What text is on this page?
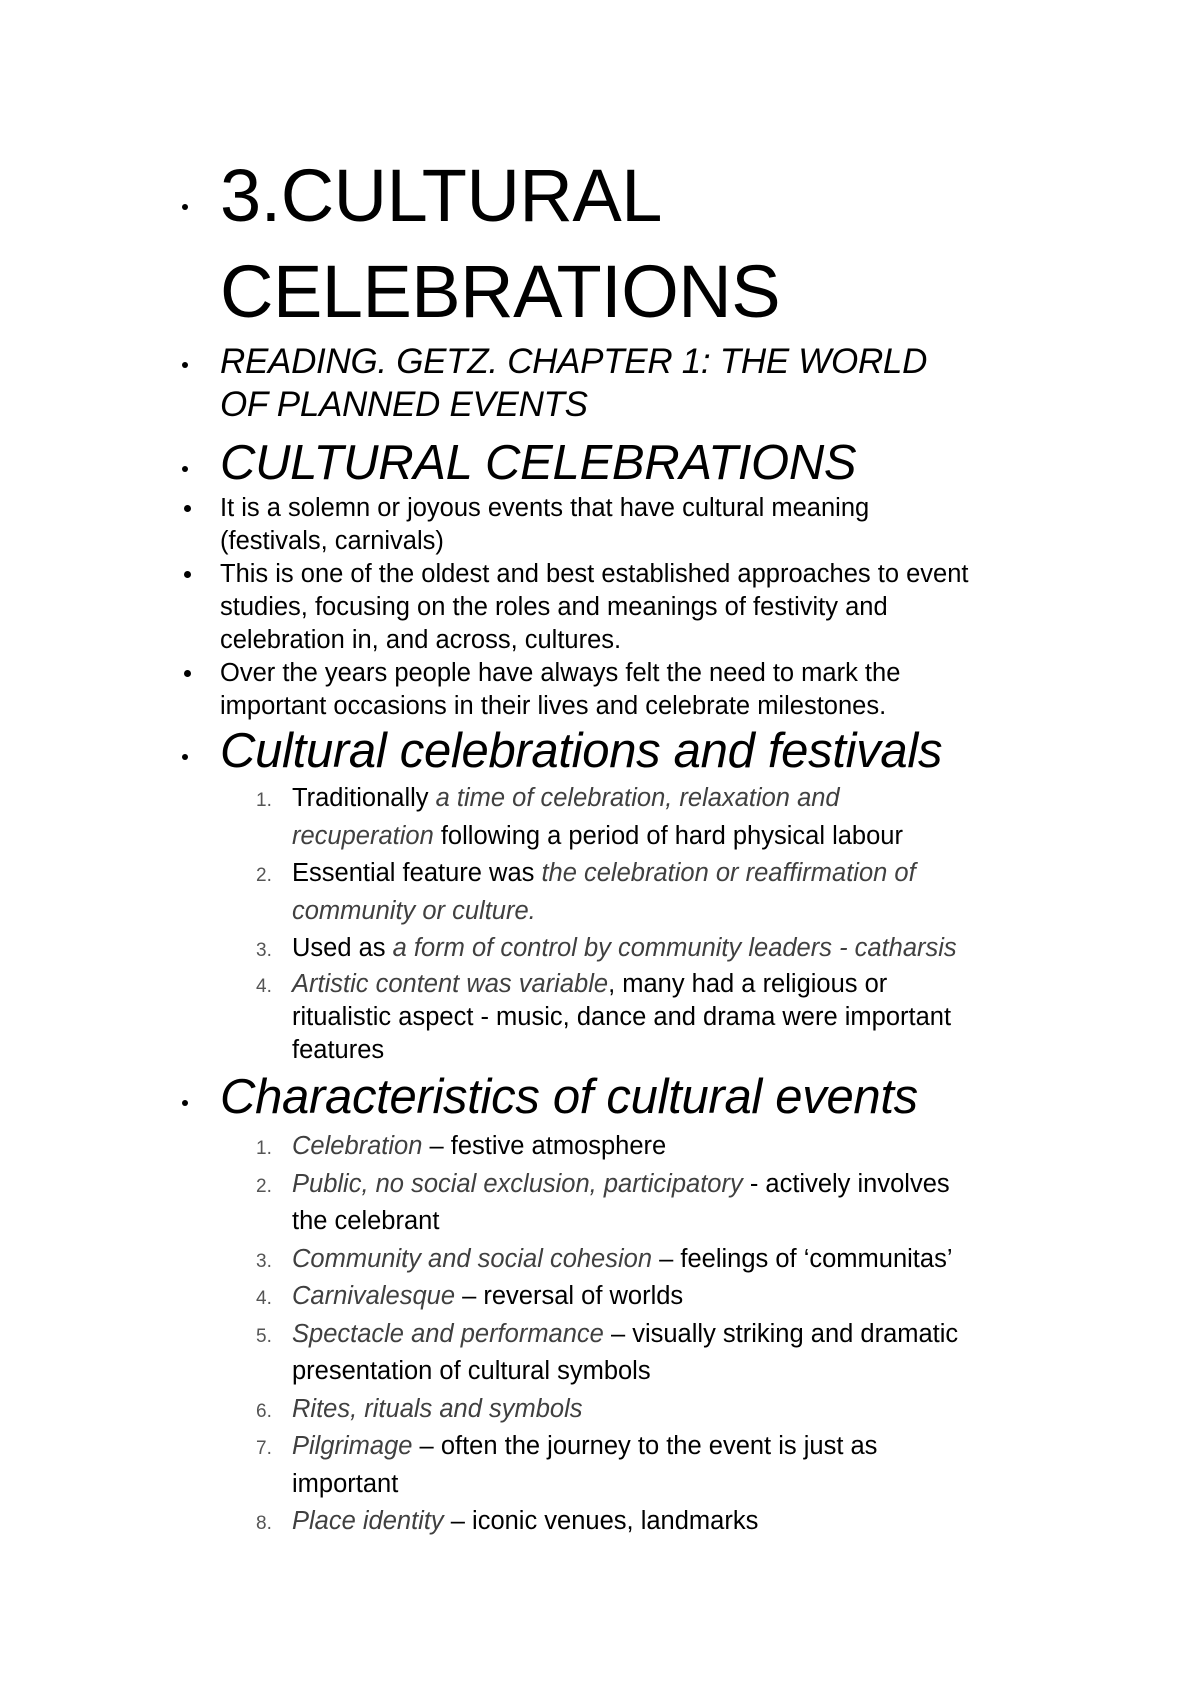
3.CULTURAL
CELEBRATIONS
READING. GETZ. CHAPTER 1: THE WORLD
OF PLANNED EVENTS
CULTURAL CELEBRATIONS
It is a solemn or joyous events that have cultural meaning
(festivals, carnivals)
This is one of the oldest and best established approaches to event
studies, focusing on the roles and meanings of festivity and
celebration in, and across, cultures.
Over the years people have always felt the need to mark the
important occasions in their lives and celebrate milestones.
Cultural celebrations and festivals
1. Traditionally a time of celebration, relaxation and
recuperation following a period of hard physical labour
2. Essential feature was the celebration or reaffirmation of
community or culture.
3. Used as a form of control by community leaders - catharsis
4. Artistic content was variable, many had a religious or
ritualistic aspect - music, dance and drama were important
features
Characteristics of cultural events
1. Celebration – festive atmosphere
2. Public, no social exclusion, participatory - actively involves
the celebrant
3. Community and social cohesion – feelings of ‘communitas’
4. Carnivalesque – reversal of worlds
5. Spectacle and performance – visually striking and dramatic
presentation of cultural symbols
6. Rites, rituals and symbols
7. Pilgrimage – often the journey to the event is just as
important
8. Place identity – iconic venues, landmarks
